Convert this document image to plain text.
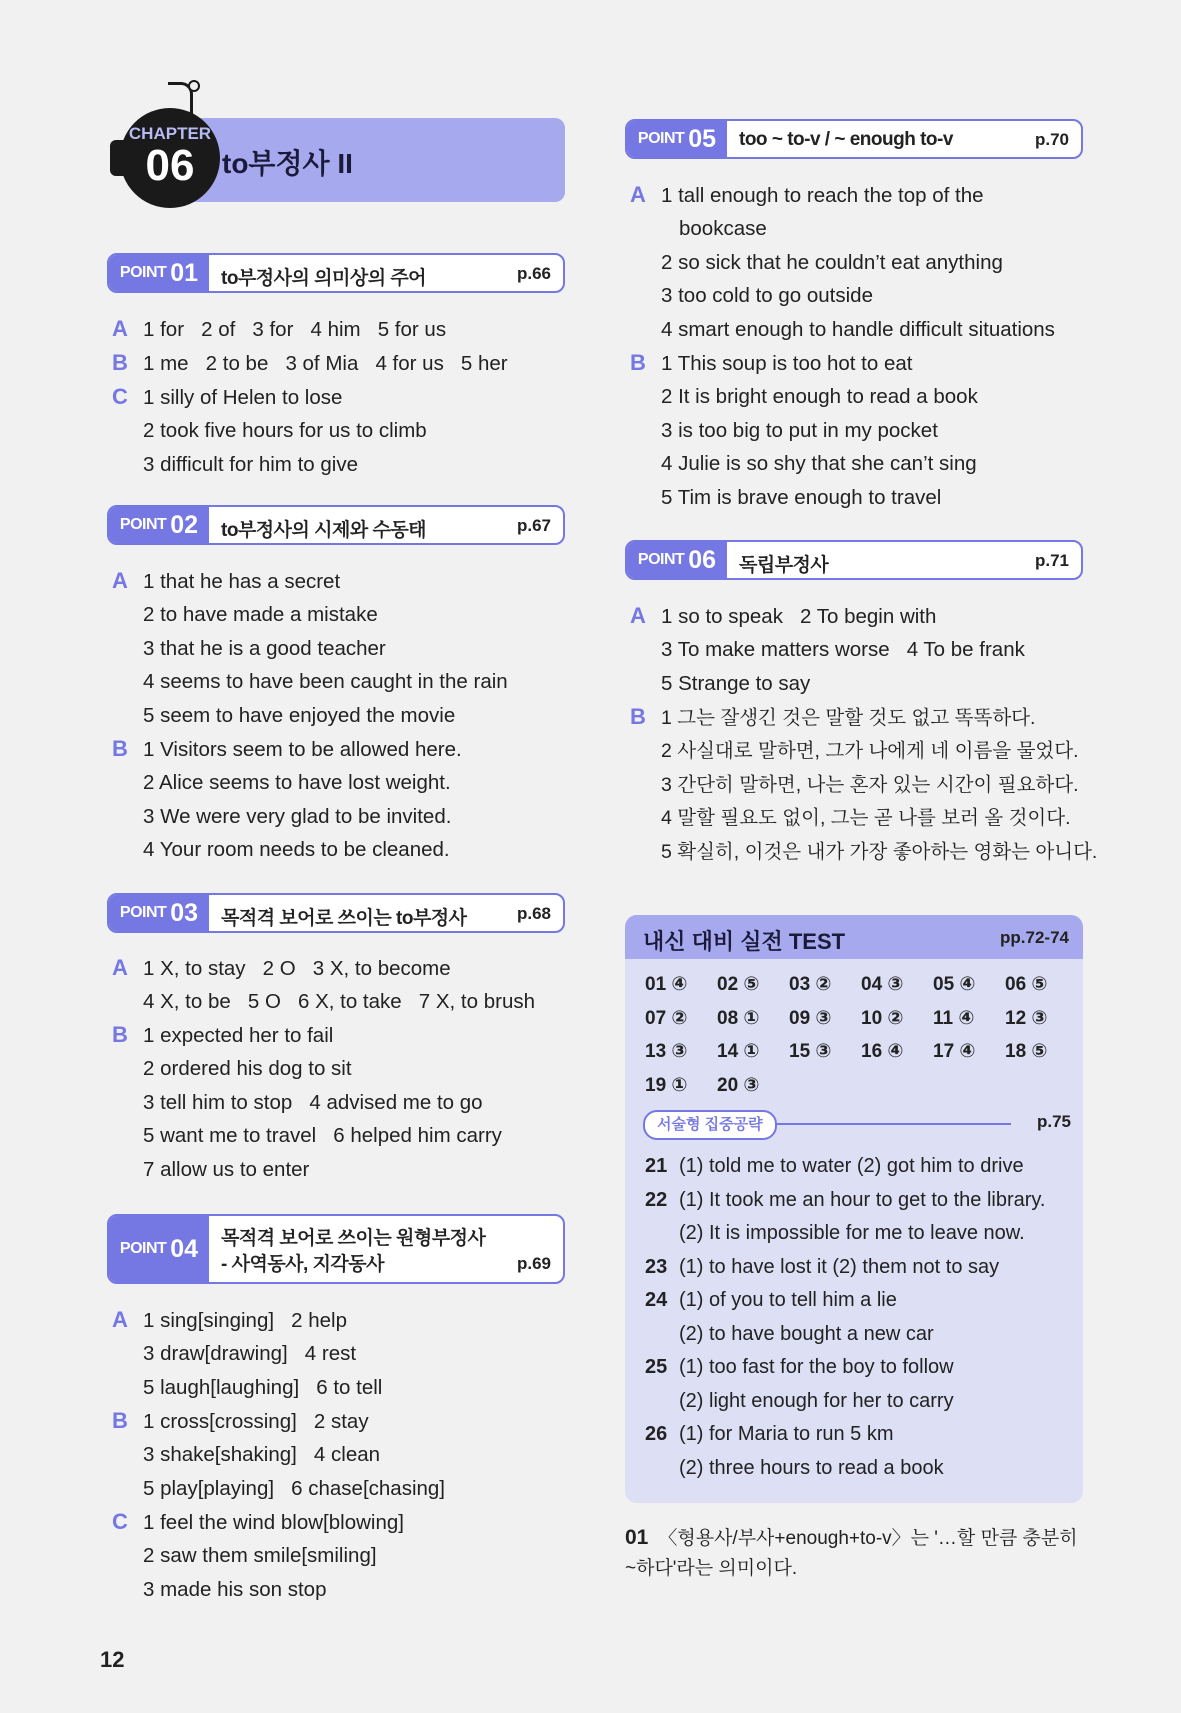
CHAPTER
06 to부정사 II
POINT 01 to부정사의 의미상의 주어	p.66
A 1 for   2 of   3 for   4 him   5 for us
B 1 me   2 to be   3 of Mia   4 for us   5 her
C 1 silly of Helen to lose
2 took five hours for us to climb
3 difficult for him to give
POINT 02 to부정사의 시제와 수동태	p.67
A 1 that he has a secret
2 to have made a mistake
3 that he is a good teacher
4 seems to have been caught in the rain
5 seem to have enjoyed the movie
B 1 Visitors seem to be allowed here.
2 Alice seems to have lost weight.
3 We were very glad to be invited.
4 Your room needs to be cleaned.
POINT 03 목적격 보어로 쓰이는 to부정사	p.68
A 1 X, to stay   2 O   3 X, to become
4 X, to be   5 O   6 X, to take   7 X, to brush
B 1 expected her to fail
2 ordered his dog to sit
3 tell him to stop   4 advised me to go
5 want me to travel   6 helped him carry
7 allow us to enter
POINT 04 목적격 보어로 쓰이는 원형부정사
- 사역동사, 지각동사	p.69
A 1 sing[singing]   2 help
3 draw[drawing]   4 rest
5 laugh[laughing]   6 to tell
B 1 cross[crossing]   2 stay
3 shake[shaking]   4 clean
5 play[playing]   6 chase[chasing]
C 1 feel the wind blow[blowing]
2 saw them smile[smiling]
3 made his son stop
POINT 05 too ~ to-v / ~ enough to-v	p.70
A 1 tall enough to reach the top of the
bookcase
2 so sick that he couldn’t eat anything
3 too cold to go outside
4 smart enough to handle difficult situations
B 1 This soup is too hot to eat
2 It is bright enough to read a book
3 is too big to put in my pocket
4 Julie is so shy that she can’t sing
5 Tim is brave enough to travel
POINT 06 독립부정사	p.71
A 1 so to speak   2 To begin with
3 To make matters worse   4 To be frank
5 Strange to say
B 1 그는 잘생긴 것은 말할 것도 없고 똑똑하다.
2 사실대로 말하면, 그가 나에게 네 이름을 물었다.
3 간단히 말하면, 나는 혼자 있는 시간이 필요하다.
4 말할 필요도 없이, 그는 곧 나를 보러 올 것이다.
5 확실히, 이것은 내가 가장 좋아하는 영화는 아니다.
내신 대비 실전 TEST	pp.72-74
01 ④ 02 ⑤ 03 ② 04 ③ 05 ④ 06 ⑤
07 ② 08 ① 09 ③ 10 ② 11 ④ 12 ③
13 ③ 14 ① 15 ③ 16 ④ 17 ④ 18 ⑤
19 ① 20 ③
서술형 집중공략	p.75
21 (1) told me to water (2) got him to drive
22 (1) It took me an hour to get to the library.
(2) It is impossible for me to leave now.
23 (1) to have lost it (2) them not to say
24 (1) of you to tell him a lie
(2) to have bought a new car
25 (1) too fast for the boy to follow
(2) light enough for her to carry
26 (1) for Maria to run 5 km
(2) three hours to read a book
01 〈형용사/부사+enough+to-v〉는 '…할 만큼 충분히 ~하다'라는 의미이다.
12
